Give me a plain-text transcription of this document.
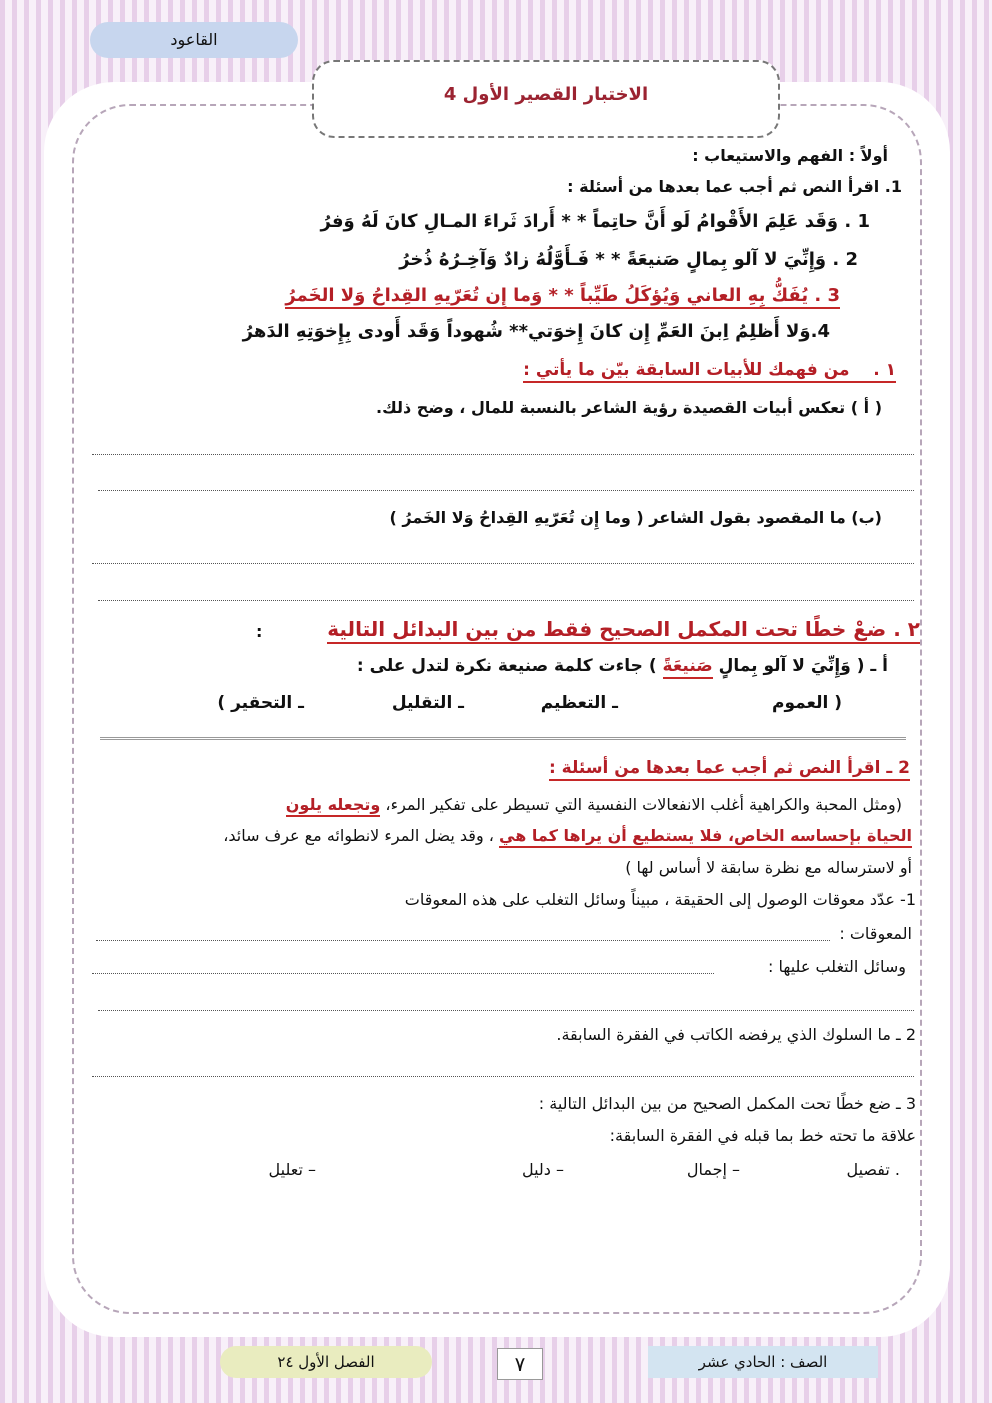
القاعود
الاختبار القصير الأول 4
أولاً : الفهم والاستيعاب :
1. اقرأ النص ثم أجب عما بعدها من أسئلة :
1 . وَقَد عَلِمَ الأَقْوامُ لَو أَنَّ حاتِماً * * أَرادَ ثَراءَ المـالِ كانَ لَهُ وَفرُ
2 . وَإِنِّيَ لا آلو بِمالٍ صَنيعَةً * * فَـأَوَّلُهُ زادٌ وَآخِـرُهُ ذُخرُ
3 . يُفَكُّ بِهِ العاني وَيُؤكَلُ طَيِّباً * * وَما إِن تُعَرّيهِ القِداحُ وَلا الخَمرُ
4.وَلا أَظلِمُ اِبنَ العَمِّ إِن كانَ إِخوَتي** شُهوداً وَقَد أَودى بِإِخوَتِهِ الدَهرُ
١ .    من فهمك للأبيات السابقة بيّن ما يأتي :
( أ ) تعكس أبيات القصيدة رؤية الشاعر بالنسبة للمال ، وضح ذلك.
(ب) ما المقصود بقول الشاعر ( وما إِن تُعَرّيهِ القِداحُ وَلا الخَمرُ )
٢ . ضعْ خطًا تحت المكمل الصحيح فقط من بين البدائل التالية
:
أ ـ ( وَإِنِّيَ لا آلو بِمالٍ صَنيعَةً ) جاءت كلمة صنيعة نكرة لتدل على :
( العموم
ـ التعظيم
ـ التقليل
ـ التحقير )
2 ـ اقرأ النص ثم أجب عما بعدها من أسئلة :
(ومثل المحبة والكراهية أغلب الانفعالات النفسية التي تسيطر على تفكير المرء، وتجعله يلون
الحياة بإحساسه الخاص، فلا يستطيع أن يراها كما هي ، وقد يضل المرء لانطوائه مع عرف سائد،
أو لاسترساله مع نظرة سابقة لا أساس لها )
1- عدّد معوقات الوصول إلى الحقيقة ، مبيناً وسائل التغلب على هذه المعوقات
المعوقات :
وسائل التغلب عليها :
2 ـ ما السلوك الذي يرفضه الكاتب في الفقرة السابقة.
3 ـ ضع خطًا تحت المكمل الصحيح من بين البدائل التالية :
علاقة ما تحته خط بما قبله في الفقرة السابقة:
. تفصيل
– إجمال
– دليل
– تعليل
الفصل الأول ٢٤	٧	الصف : الحادي عشر
